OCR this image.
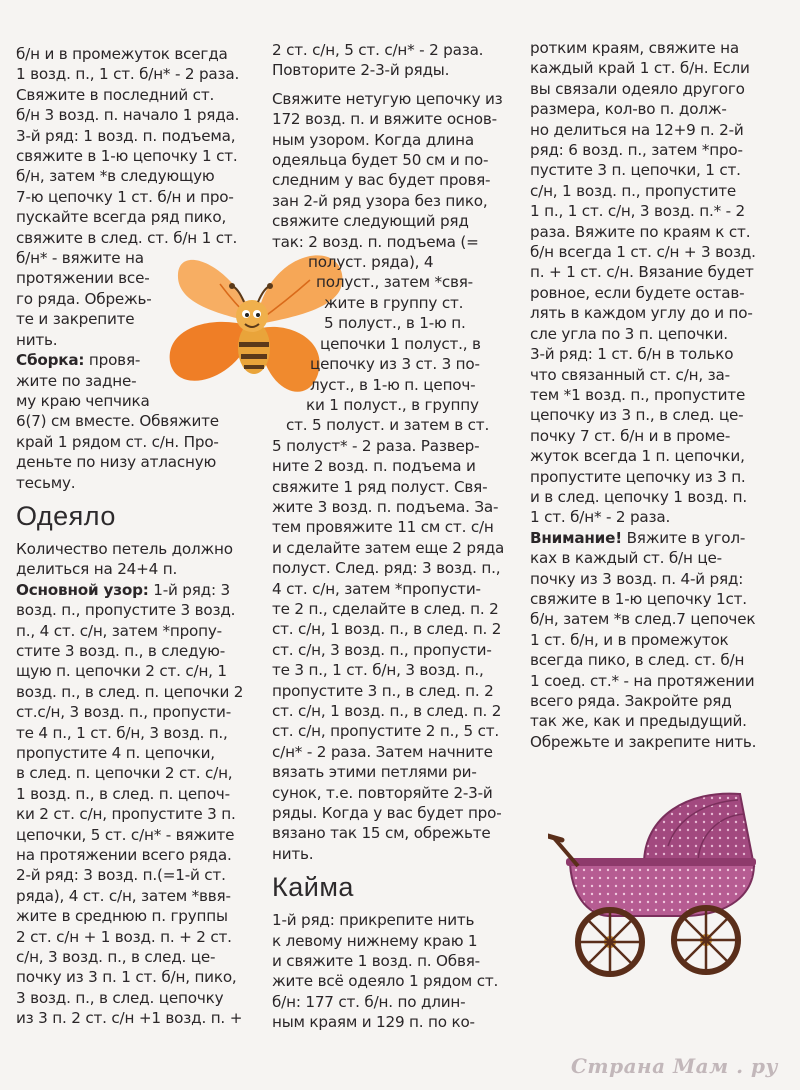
б/н и в промежуток всегда

1 возд. п., 1 ст. б/н* - 2 раза.

Свяжите в последний ст.

б/н 3 возд. п. начало 1 ряда.

3-й ряд: 1 возд. п. подъема,

свяжите в 1-ю цепочку 1 ст.

б/н, затем *в следующую

7-ю цепочку 1 ст. б/н и про-

пускайте всегда ряд пико,

свяжите в след. ст. б/н 1 ст.

б/н* - вяжите на

протяжении все-

го ряда. Обрежь-

те и закрепите

нить.

Сборка: провя-

жите по задне-

му краю чепчика

6(7) см вместе. Обвяжите

край 1 рядом ст. с/н. Про-

деньте по низу атласную

тесьму.

Одеяло

Количество петель должно

делиться на 24+4 п.

Основной узор: 1-й ряд: 3

возд. п., пропустите 3 возд.

п., 4 ст. с/н, затем *пропу-

стите 3 возд. п., в следую-

щую п. цепочки 2 ст. с/н, 1

возд. п., в след. п. цепочки 2

ст.с/н, 3 возд. п., пропусти-

те 4 п., 1 ст. б/н, 3 возд. п.,

пропустите 4 п. цепочки,

в след. п. цепочки 2 ст. с/н,

1 возд. п., в след. п. цепоч-

ки 2 ст. с/н, пропустите 3 п.

цепочки, 5 ст. с/н* - вяжите

на протяжении всего ряда.

2-й ряд: 3 возд. п.(=1-й ст.

ряда), 4 ст. с/н, затем *ввя-

жите в среднюю п. группы

2 ст. с/н + 1 возд. п. + 2 ст.

с/н, 3 возд. п., в след. це-

почку из 3 п. 1 ст. б/н, пико,

3 возд. п., в след. цепочку

из 3 п. 2 ст. с/н +1 возд. п. +

2 ст. с/н, 5 ст. с/н* - 2 раза.

Повторите 2-3-й ряды.

Свяжите нетугую цепочку из

172 возд. п. и вяжите основ-

ным узором. Когда длина

одеяльца будет 50 см и по-

следним у вас будет провя-

зан 2-й ряд узора без пико,

свяжите следующий ряд

так: 2 возд. п. подъема (=

полуст. ряда), 4

полуст., затем *свя-

жите в группу ст.

5 полуст., в 1-ю п.

цепочки 1 полуст., в

цепочку из 3 ст. 3 по-

луст., в 1-ю п. цепоч-

ки 1 полуст., в группу

ст. 5 полуст. и затем в ст.

5 полуст* - 2 раза. Развер-

ните 2 возд. п. подъема и

свяжите 1 ряд полуст. Свя-

жите 3 возд. п. подъема. За-

тем провяжите 11 см ст. с/н

и сделайте затем еще 2 ряда

полуст. След. ряд: 3 возд. п.,

4 ст. с/н, затем *пропусти-

те 2 п., сделайте в след. п. 2

ст. с/н, 1 возд. п., в след. п. 2

ст. с/н, 3 возд. п., пропусти-

те 3 п., 1 ст. б/н, 3 возд. п.,

пропустите 3 п., в след. п. 2

ст. с/н, 1 возд. п., в след. п. 2

ст. с/н, пропустите 2 п., 5 ст.

с/н* - 2 раза. Затем начните

вязать этими петлями ри-

сунок, т.е. повторяйте 2-3-й

ряды. Когда у вас будет про-

вязано так 15 см, обрежьте

нить.

Кайма

1-й ряд: прикрепите нить

к левому нижнему краю 1

и свяжите 1 возд. п. Обвя-

жите всё одеяло 1 рядом ст.

б/н: 177 ст. б/н. по длин-

ным краям и 129 п. по ко-

ротким краям, свяжите на

каждый край 1 ст. б/н. Если

вы связали одеяло другого

размера, кол-во п. долж-

но делиться на 12+9 п. 2-й

ряд: 6 возд. п., затем *про-

пустите 3 п. цепочки, 1 ст.

с/н, 1 возд. п., пропустите

1 п., 1 ст. с/н, 3 возд. п.* - 2

раза. Вяжите по краям к ст.

б/н всегда 1 ст. с/н + 3 возд.

п. + 1 ст. с/н. Вязание будет

ровное, если будете остав-

лять в каждом углу до и по-

сле угла по 3 п. цепочки.

3-й ряд: 1 ст. б/н в только

что связанный ст. с/н, за-

тем *1 возд. п., пропустите

цепочку из 3 п., в след. це-

почку 7 ст. б/н и в проме-

жуток всегда 1 п. цепочки,

пропустите цепочку из 3 п.

и в след. цепочку 1 возд. п.

1 ст. б/н* - 2 раза.

Внимание! Вяжите в угол-

ках в каждый ст. б/н це-

почку из 3 возд. п. 4-й ряд:

свяжите в 1-ю цепочку 1ст.

б/н, затем *в след.7 цепочек

1 ст. б/н, и в промежуток

всегда пико, в след. ст. б/н

1 соед. ст.* - на протяжении

всего ряда. Закройте ряд

так же, как и предыдущий.

Обрежьте и закрепите нить.

Страна Мам . ру
